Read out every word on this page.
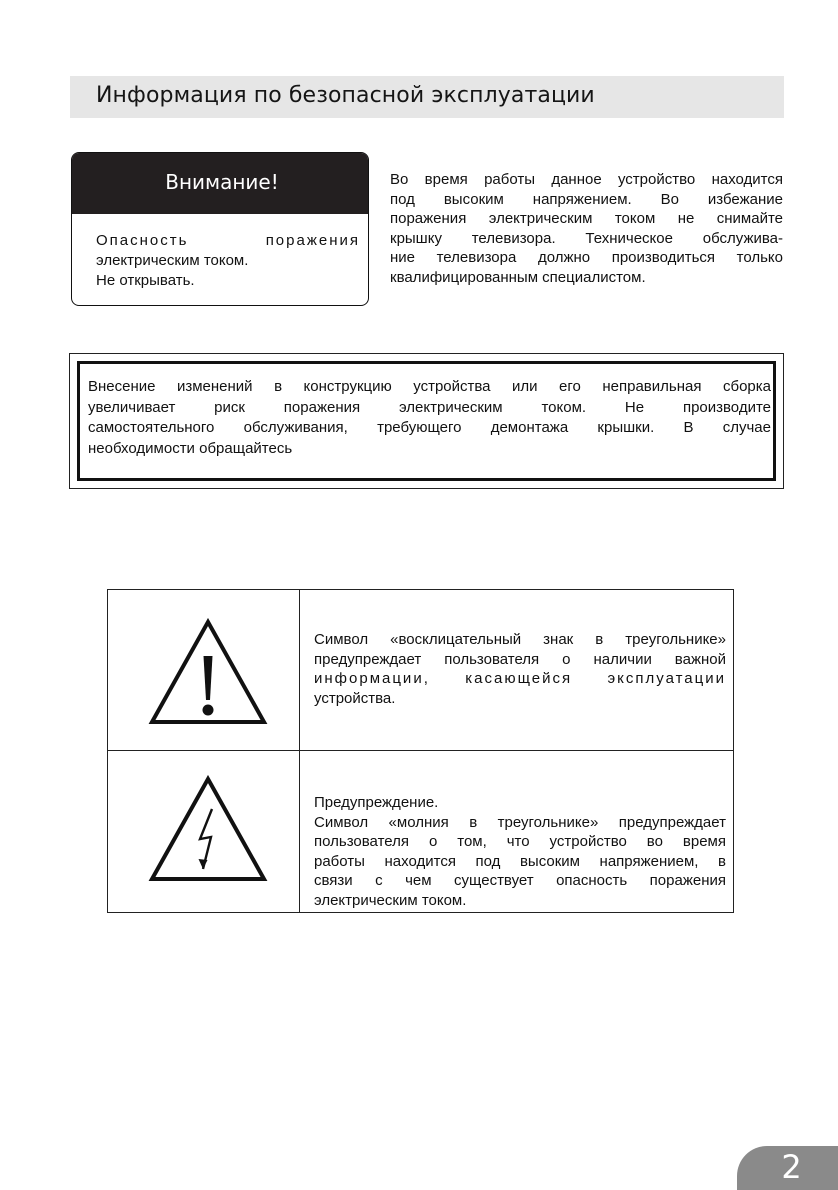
Информация по безопасной эксплуатации
Внимание!
Опасность поражения
электрическим током.
Не открывать.
Во время работы данное устройство находится
под высоким напряжением. Во избежание
поражения электрическим током не снимайте
крышку телевизора. Техническое обслужива-
ние телевизора должно производиться только
квалифицированным специалистом.
Внесение изменений в конструкцию устройства или его неправильная сборка
увеличивает риск поражения электрическим током. Не производите
самостоятельного обслуживания, требующего демонтажа крышки. В случае
необходимости обращайтесь
Символ «восклицательный знак в треугольнике»
предупреждает пользователя о наличии важной
информации, касающейся эксплуатации
устройства.
Предупреждение.
Символ «молния в треугольнике» предупреждает
пользователя о том, что устройство во время
работы находится под высоким напряжением, в
связи с чем существует опасность поражения
электрическим током.
2
